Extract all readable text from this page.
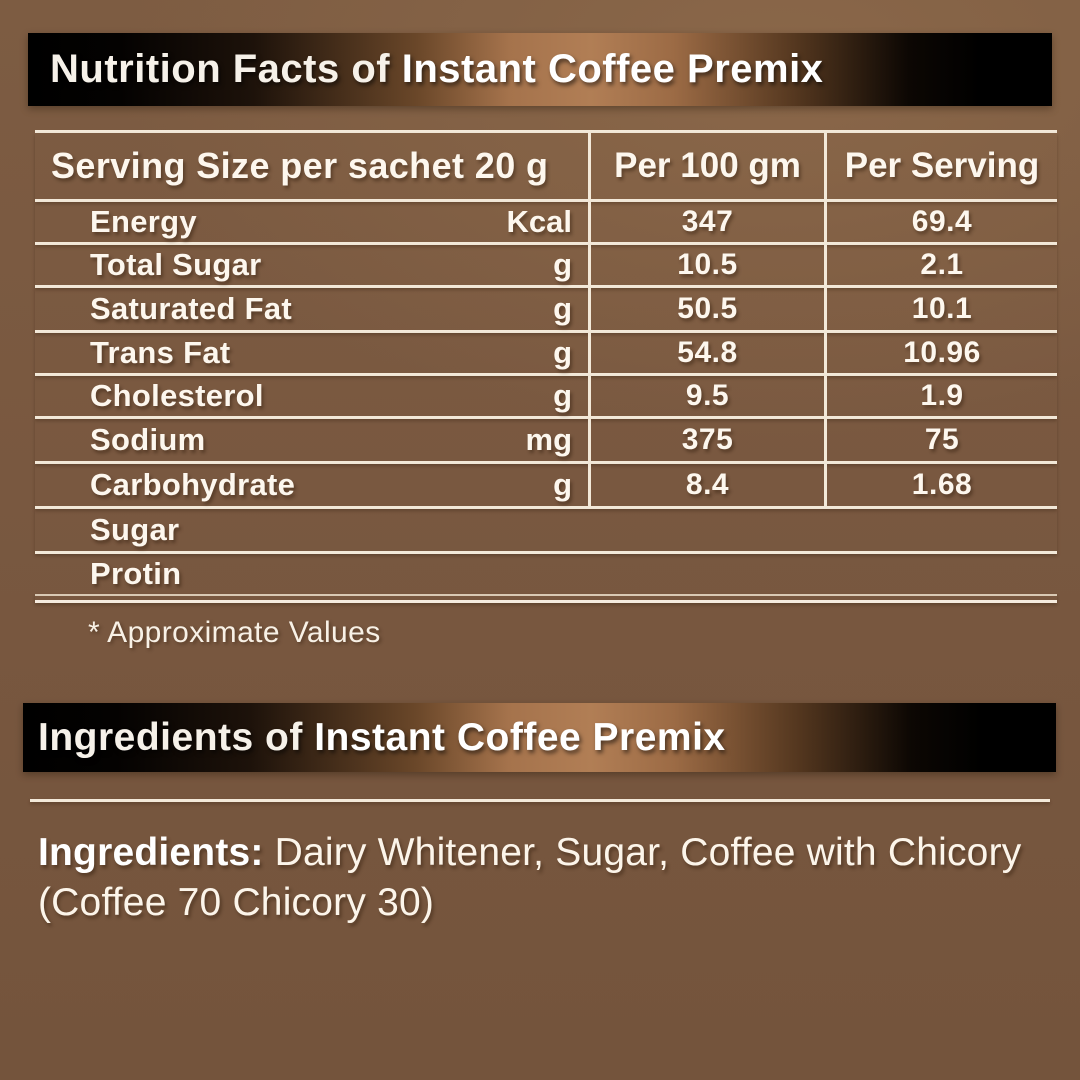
Nutrition Facts of Instant Coffee Premix
Serving Size per sachet 20 g	Per 100 gm	Per Serving
Energy	Kcal	347	69.4
Total Sugar	g	10.5	2.1
Saturated Fat	g	50.5	10.1
Trans Fat	g	54.8	10.96
Cholesterol	g	9.5	1.9
Sodium	mg	375	75
Carbohydrate	g	8.4	1.68
Sugar
Protin
* Approximate Values
Ingredients of Instant Coffee Premix
Ingredients: Dairy Whitener, Sugar, Coffee with Chicory
(Coffee 70 Chicory 30)
